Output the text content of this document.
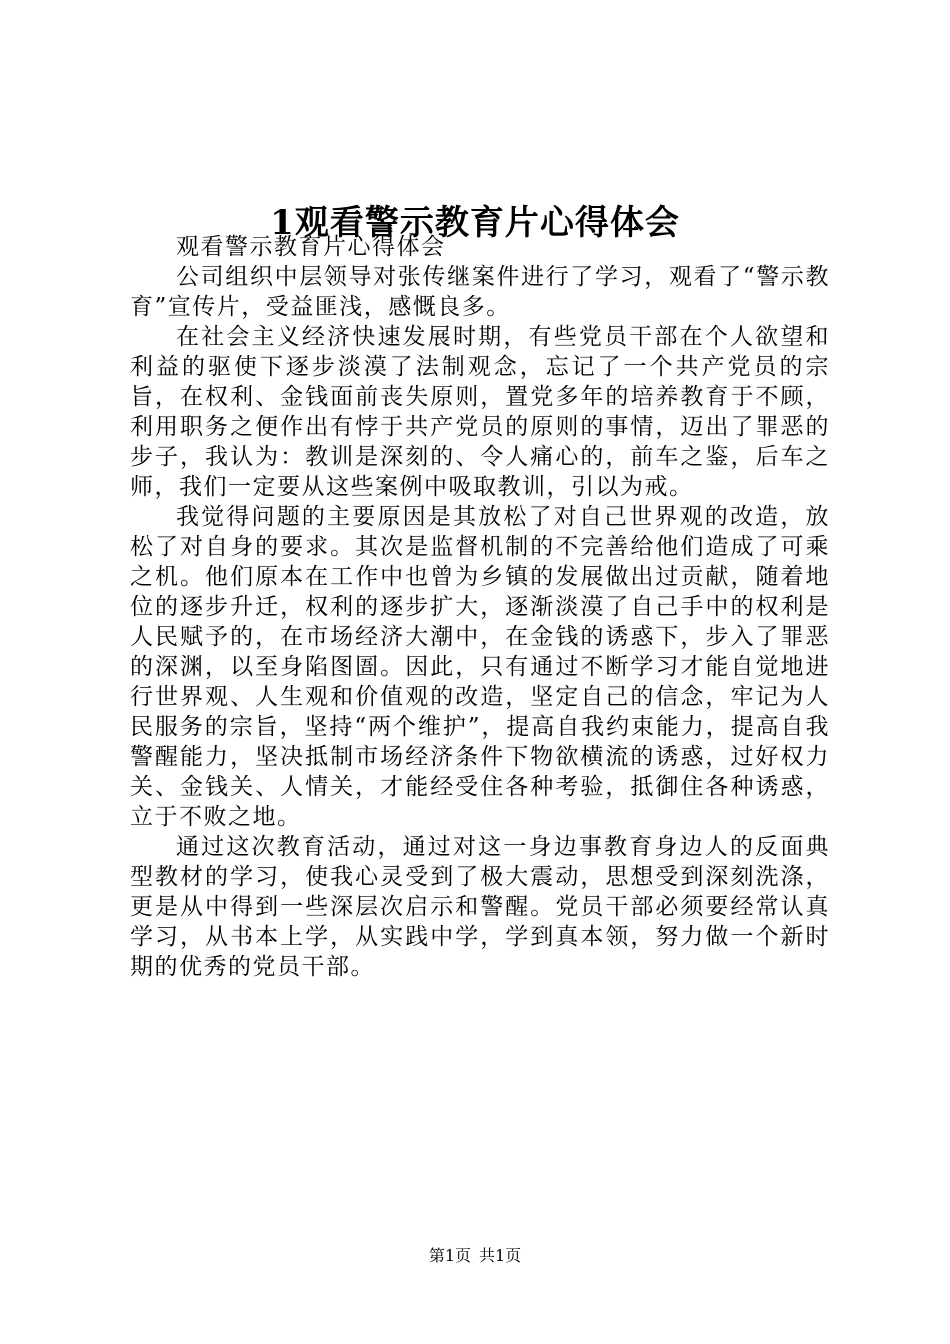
1观看警示教育片心得体会

观看警示教育片心得体会

公司组织中层领导对张传继案件进行了学习，观看了“警示教育”宣传片，受益匪浅，感慨良多。

在社会主义经济快速发展时期，有些党员干部在个人欲望和利益的驱使下逐步淡漠了法制观念，忘记了一个共产党员的宗旨，在权利、金钱面前丧失原则，置党多年的培养教育于不顾，利用职务之便作出有悖于共产党员的原则的事情，迈出了罪恶的步子，我认为：教训是深刻的、令人痛心的，前车之鉴，后车之师，我们一定要从这些案例中吸取教训，引以为戒。

我觉得问题的主要原因是其放松了对自己世界观的改造，放松了对自身的要求。其次是监督机制的不完善给他们造成了可乘之机。他们原本在工作中也曾为乡镇的发展做出过贡献，随着地位的逐步升迁，权利的逐步扩大，逐渐淡漠了自己手中的权利是人民赋予的，在市场经济大潮中，在金钱的诱惑下，步入了罪恶的深渊，以至身陷图圄。因此，只有通过不断学习才能自觉地进行世界观、人生观和价值观的改造，坚定自己的信念，牢记为人民服务的宗旨，坚持“两个维护”，提高自我约束能力，提高自我警醒能力，坚决抵制市场经济条件下物欲横流的诱惑，过好权力关、金钱关、人情关，才能经受住各种考验，抵御住各种诱惑，立于不败之地。

通过这次教育活动，通过对这一身边事教育身边人的反面典型教材的学习，使我心灵受到了极大震动，思想受到深刻洗涤，更是从中得到一些深层次启示和警醒。党员干部必须要经常认真学习，从书本上学，从实践中学，学到真本领，努力做一个新时期的优秀的党员干部。

第1页 共1页
